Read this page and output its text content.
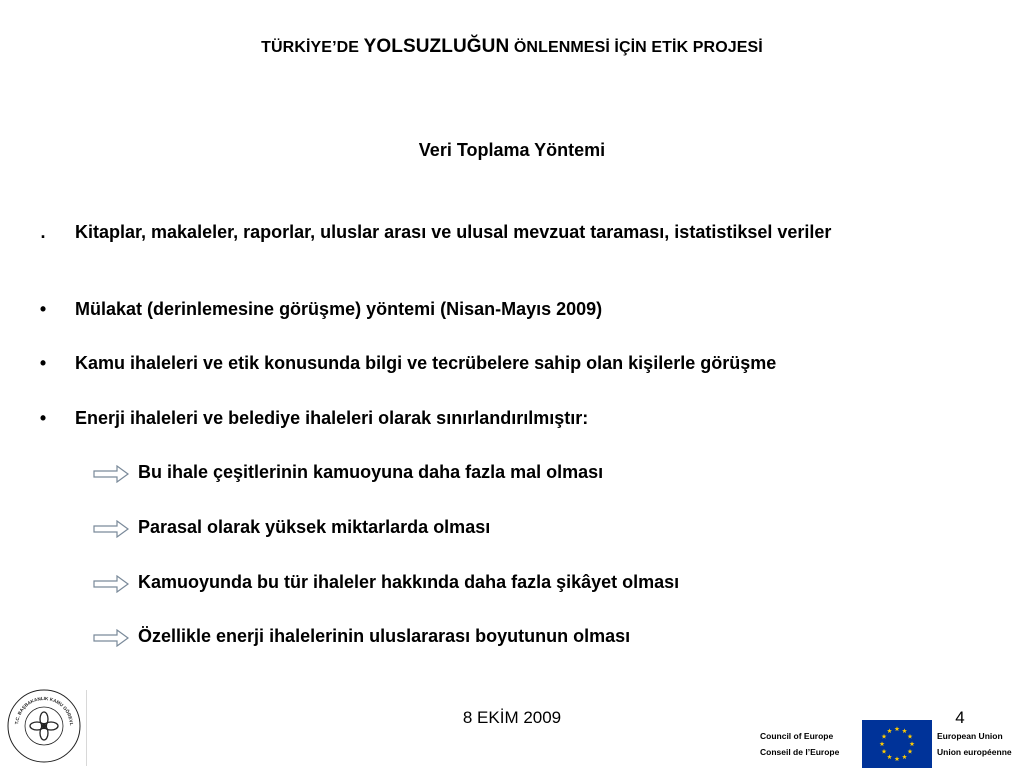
TÜRKİYE’DE YOLSUZLUĞUN ÖNLENMESİ İÇİN ETİK PROJESİ
Veri Toplama Yöntemi
. Kitaplar, makaleler, raporlar, uluslar arası ve ulusal mevzuat taraması, istatistiksel veriler
• Mülakat (derinlemesine görüşme) yöntemi (Nisan-Mayıs 2009)
• Kamu ihaleleri ve etik konusunda bilgi ve tecrübelere sahip olan kişilerle görüşme
• Enerji ihaleleri ve belediye ihaleleri olarak sınırlandırılmıştır:
Bu ihale çeşitlerinin kamuoyuna daha fazla mal olması
Parasal olarak yüksek miktarlarda olması
Kamuoyunda bu tür ihaleler hakkında daha fazla şikâyet olması
Özellikle enerji ihalelerinin uluslararası boyutunun olması
T.C. BAŞBAKANLIK KAMU GÖREVL	8 EKİM 2009	4
Council of Europe
Conseil de l’Europe
European Union
Union européenne
